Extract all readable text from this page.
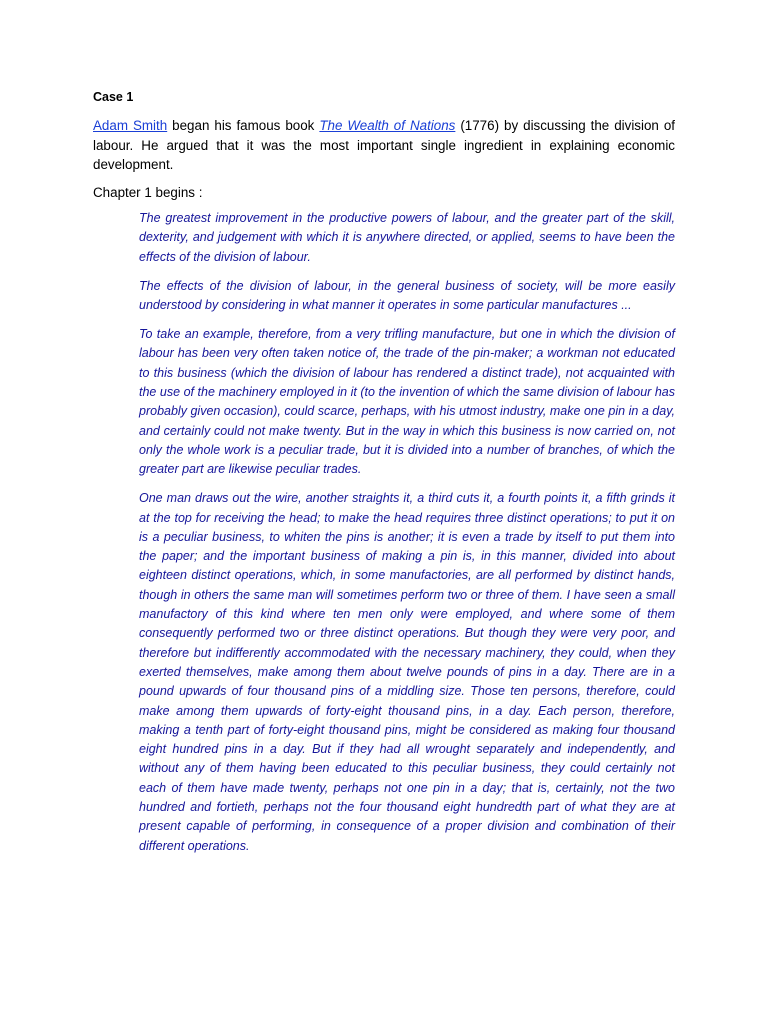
Case 1
Adam Smith began his famous book The Wealth of Nations (1776) by discussing the division of labour. He argued that it was the most important single ingredient in explaining economic development.
Chapter 1 begins :

The greatest improvement in the productive powers of labour, and the greater part of the skill, dexterity, and judgement with which it is anywhere directed, or applied, seems to have been the effects of the division of labour.

The effects of the division of labour, in the general business of society, will be more easily understood by considering in what manner it operates in some particular manufactures ...

To take an example, therefore, from a very trifling manufacture, but one in which the division of labour has been very often taken notice of, the trade of the pin-maker; a workman not educated to this business (which the division of labour has rendered a distinct trade), not acquainted with the use of the machinery employed in it (to the invention of which the same division of labour has probably given occasion), could scarce, perhaps, with his utmost industry, make one pin in a day, and certainly could not make twenty. But in the way in which this business is now carried on, not only the whole work is a peculiar trade, but it is divided into a number of branches, of which the greater part are likewise peculiar trades.

One man draws out the wire, another straights it, a third cuts it, a fourth points it, a fifth grinds it at the top for receiving the head; to make the head requires three distinct operations; to put it on is a peculiar business, to whiten the pins is another; it is even a trade by itself to put them into the paper; and the important business of making a pin is, in this manner, divided into about eighteen distinct operations, which, in some manufactories, are all performed by distinct hands, though in others the same man will sometimes perform two or three of them. I have seen a small manufactory of this kind where ten men only were employed, and where some of them consequently performed two or three distinct operations. But though they were very poor, and therefore but indifferently accommodated with the necessary machinery, they could, when they exerted themselves, make among them about twelve pounds of pins in a day. There are in a pound upwards of four thousand pins of a middling size. Those ten persons, therefore, could make among them upwards of forty-eight thousand pins, in a day. Each person, therefore, making a tenth part of forty-eight thousand pins, might be considered as making four thousand eight hundred pins in a day. But if they had all wrought separately and independently, and without any of them having been educated to this peculiar business, they could certainly not each of them have made twenty, perhaps not one pin in a day; that is, certainly, not the two hundred and fortieth, perhaps not the four thousand eight hundredth part of what they are at present capable of performing, in consequence of a proper division and combination of their different operations.
